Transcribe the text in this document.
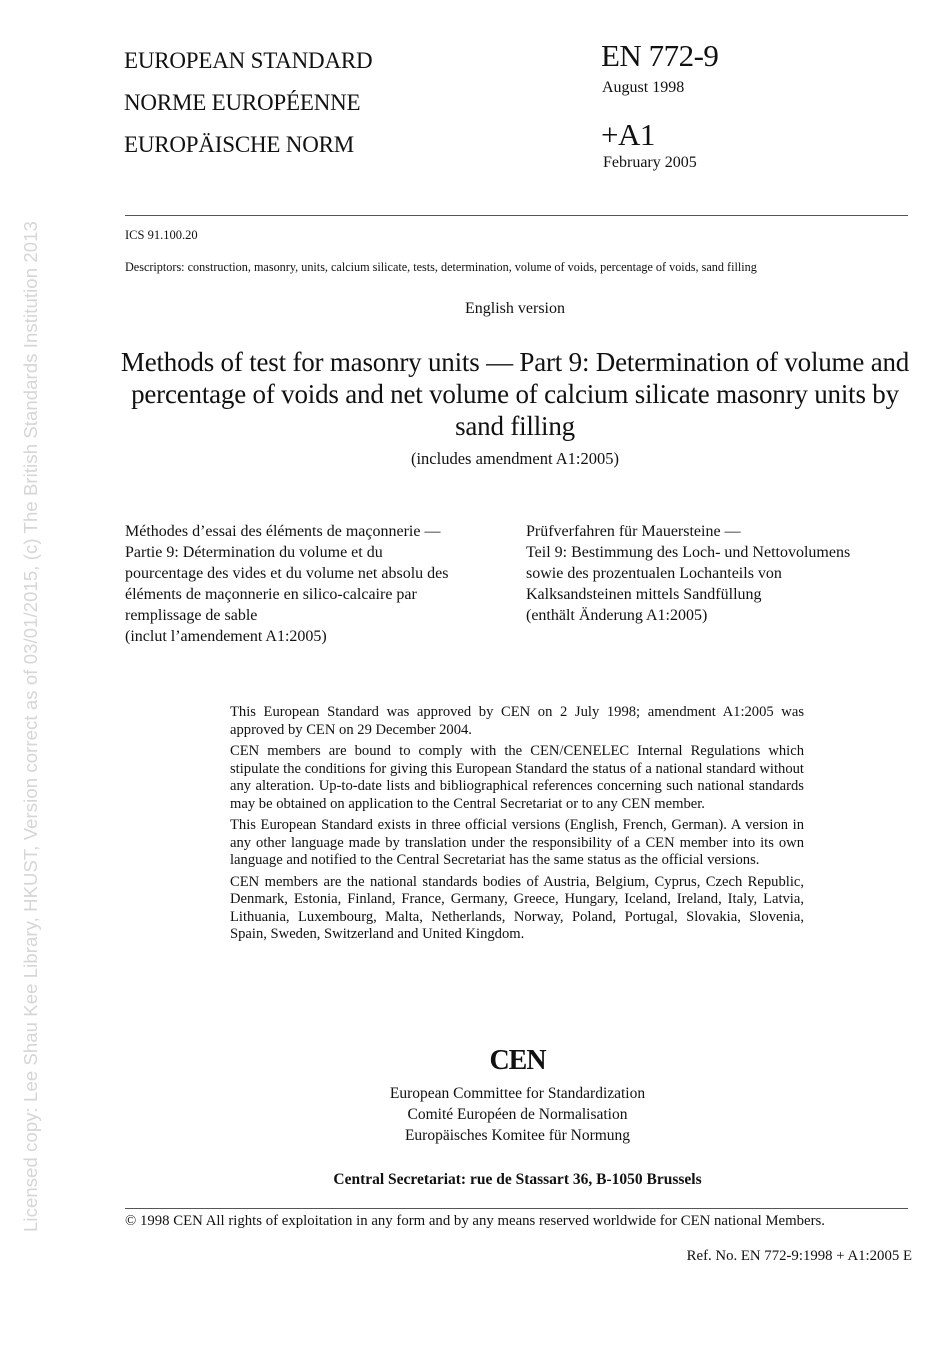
Licensed copy: Lee Shau Kee Library, HKUST, Version correct as of 03/01/2015, (c) The British Standards Institution 2013
EUROPEAN STANDARD
NORME EUROPÉENNE
EUROPÄISCHE NORM
EN 772-9
August 1998
+A1
February 2005
ICS 91.100.20
Descriptors: construction, masonry, units, calcium silicate, tests, determination, volume of voids, percentage of voids, sand filling
English version
Methods of test for masonry units — Part 9: Determination of volume and percentage of voids and net volume of calcium silicate masonry units by sand filling
(includes amendment A1:2005)
Méthodes d’essai des éléments de maçonnerie —
Partie 9: Détermination du volume et du
pourcentage des vides et du volume net absolu des
éléments de maçonnerie en silico-calcaire par
remplissage de sable
(inclut l’amendement A1:2005)
Prüfverfahren für Mauersteine —
Teil 9: Bestimmung des Loch- und Nettovolumens
sowie des prozentualen Lochanteils von
Kalksandsteinen mittels Sandfüllung
(enthält Änderung A1:2005)

This European Standard was approved by CEN on 2 July 1998; amendment A1:2005 was approved by CEN on 29 December 2004.

CEN members are bound to comply with the CEN/CENELEC Internal Regulations which stipulate the conditions for giving this European Standard the status of a national standard without any alteration. Up-to-date lists and bibliographical references concerning such national standards may be obtained on application to the Central Secretariat or to any CEN member.

This European Standard exists in three official versions (English, French, German). A version in any other language made by translation under the responsibility of a CEN member into its own language and notified to the Central Secretariat has the same status as the official versions.

CEN members are the national standards bodies of Austria, Belgium, Cyprus, Czech Republic, Denmark, Estonia, Finland, France, Germany, Greece, Hungary, Iceland, Ireland, Italy, Latvia, Lithuania, Luxembourg, Malta, Netherlands, Norway, Poland, Portugal, Slovakia, Slovenia, Spain, Sweden, Switzerland and United Kingdom.

CEN
European Committee for Standardization
Comité Européen de Normalisation
Europäisches Komitee für Normung
Central Secretariat: rue de Stassart 36, B-1050 Brussels
© 1998 CEN All rights of exploitation in any form and by any means reserved worldwide for CEN national Members.
Ref. No. EN 772-9:1998 + A1:2005 E
